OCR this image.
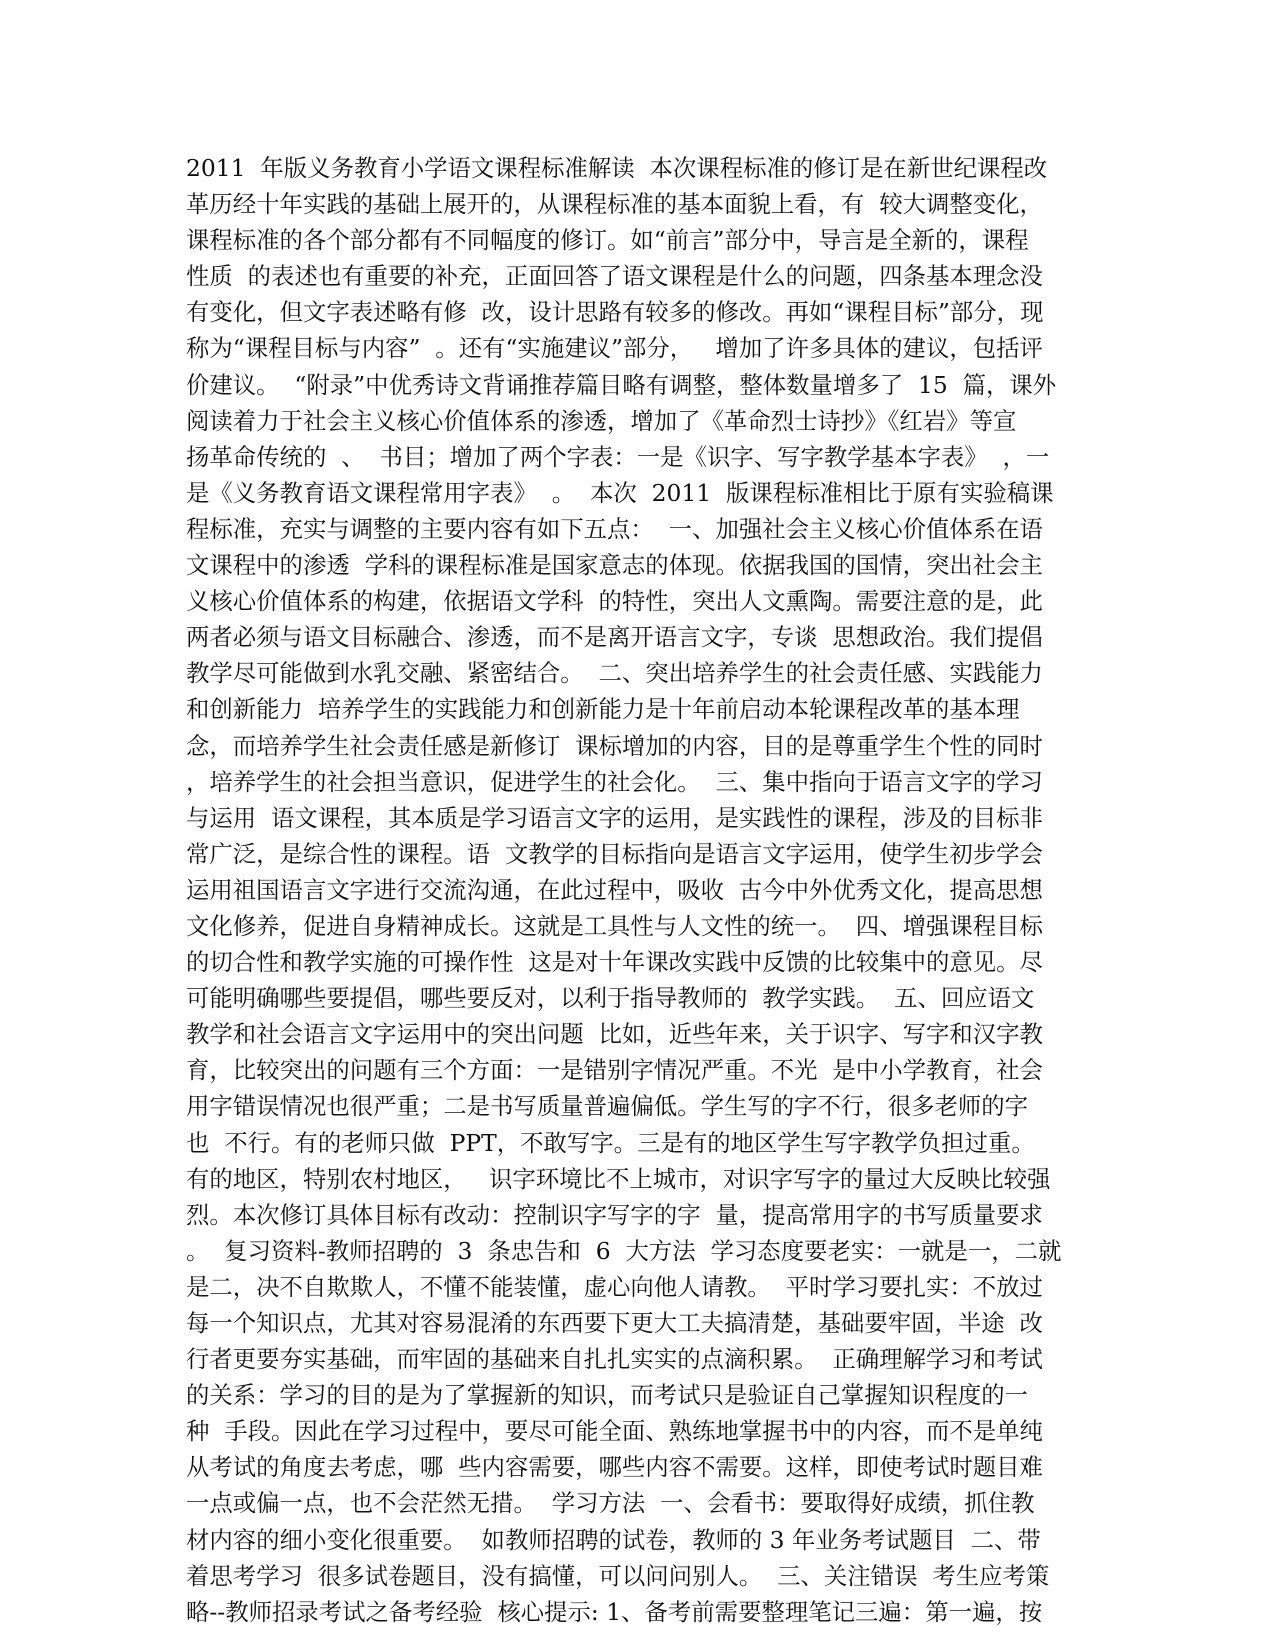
2011  年版义务教育小学语文课程标准解读  本次课程标准的修订是在新世纪课程改
革历经十年实践的基础上展开的，从课程标准的基本面貌上看，有  较大调整变化，
课程标准的各个部分都有不同幅度的修订。如“前言”部分中，导言是全新的，课程
性质  的表述也有重要的补充，正面回答了语文课程是什么的问题，四条基本理念没
有变化，但文字表述略有修  改，设计思路有较多的修改。再如“课程目标”部分，现
称为“课程目标与内容”  。还有“实施建议”部分，   增加了许多具体的建议，包括评
价建议。  “附录”中优秀诗文背诵推荐篇目略有调整，整体数量增多了  15  篇，课外
阅读着力于社会主义核心价值体系的渗透，增加了《革命烈士诗抄》《红岩》等宣
扬革命传统的  、  书目；增加了两个字表：一是《识字、写字教学基本字表》  ，一
是《义务教育语文课程常用字表》  。  本次  2011  版课程标准相比于原有实验稿课
程标准，充实与调整的主要内容有如下五点：  一、加强社会主义核心价值体系在语
文课程中的渗透  学科的课程标准是国家意志的体现。依据我国的国情，突出社会主
义核心价值体系的构建，依据语文学科  的特性，突出人文熏陶。需要注意的是，此
两者必须与语文目标融合、渗透，而不是离开语言文字，专谈  思想政治。我们提倡
教学尽可能做到水乳交融、紧密结合。  二、突出培养学生的社会责任感、实践能力
和创新能力  培养学生的实践能力和创新能力是十年前启动本轮课程改革的基本理
念，而培养学生社会责任感是新修订  课标增加的内容，目的是尊重学生个性的同时
，培养学生的社会担当意识，促进学生的社会化。  三、集中指向于语言文字的学习
与运用  语文课程，其本质是学习语言文字的运用，是实践性的课程，涉及的目标非
常广泛，是综合性的课程。语  文教学的目标指向是语言文字运用，使学生初步学会
运用祖国语言文字进行交流沟通，在此过程中，吸收  古今中外优秀文化，提高思想
文化修养，促进自身精神成长。这就是工具性与人文性的统一。  四、增强课程目标
的切合性和教学实施的可操作性  这是对十年课改实践中反馈的比较集中的意见。尽
可能明确哪些要提倡，哪些要反对，以利于指导教师的  教学实践。  五、回应语文
教学和社会语言文字运用中的突出问题  比如，近些年来，关于识字、写字和汉字教
育，比较突出的问题有三个方面：一是错别字情况严重。不光  是中小学教育，社会
用字错误情况也很严重；二是书写质量普遍偏低。学生写的字不行，很多老师的字
也  不行。有的老师只做  PPT，不敢写字。三是有的地区学生写字教学负担过重。
有的地区，特别农村地区，   识字环境比不上城市，对识字写字的量过大反映比较强
烈。本次修订具体目标有改动：控制识字写字的字  量，提高常用字的书写质量要求
。  复习资料-教师招聘的  3  条忠告和  6  大方法  学习态度要老实：一就是一，二就
是二，决不自欺欺人，不懂不能装懂，虚心向他人请教。  平时学习要扎实：不放过
每一个知识点，尤其对容易混淆的东西要下更大工夫搞清楚，基础要牢固，半途  改
行者更要夯实基础，而牢固的基础来自扎扎实实的点滴积累。  正确理解学习和考试
的关系：学习的目的是为了掌握新的知识，而考试只是验证自己掌握知识程度的一
种  手段。因此在学习过程中，要尽可能全面、熟练地掌握书中的内容，而不是单纯
从考试的角度去考虑，哪  些内容需要，哪些内容不需要。这样，即使考试时题目难
一点或偏一点，也不会茫然无措。  学习方法  一、会看书：要取得好成绩，抓住教
材内容的细小变化很重要。  如教师招聘的试卷，教师的 3 年业务考试题目  二、带
着思考学习  很多试卷题目，没有搞懂，可以问问别人。  三、关注错误  考生应考策
略--教师招录考试之备考经验  核心提示: 1、备考前需要整理笔记三遍：第一遍，按
